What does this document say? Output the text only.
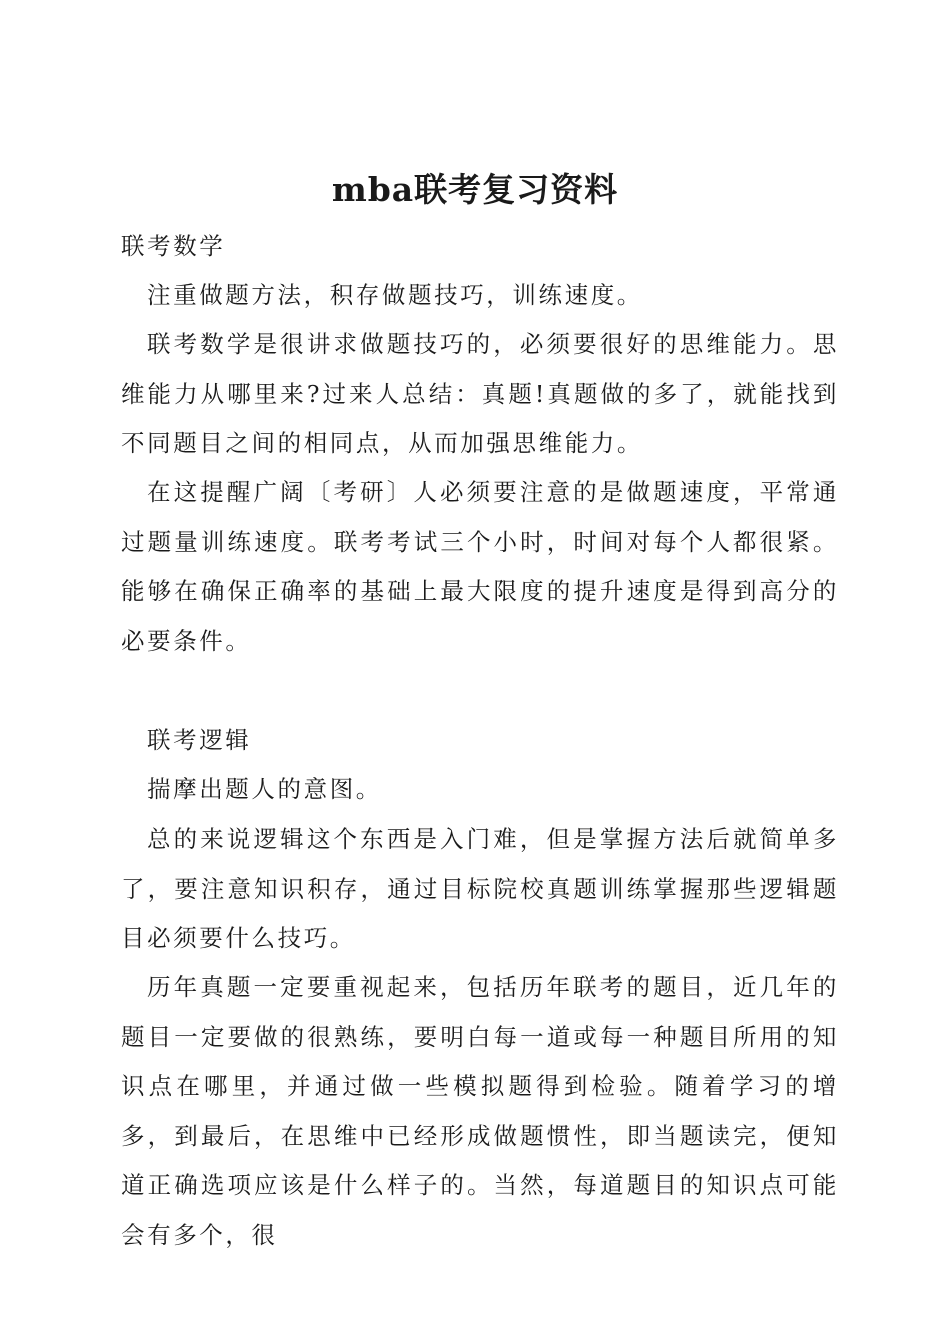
mba联考复习资料

联考数学

注重做题方法，积存做题技巧，训练速度。

联考数学是很讲求做题技巧的，必须要很好的思维能力。思维能力从哪里来?过来人总结：真题!真题做的多了，就能找到不同题目之间的相同点，从而加强思维能力。

在这提醒广阔〔考研〕人必须要注意的是做题速度，平常通过题量训练速度。联考考试三个小时，时间对每个人都很紧。能够在确保正确率的基础上最大限度的提升速度是得到高分的必要条件。

联考逻辑

揣摩出题人的意图。

总的来说逻辑这个东西是入门难，但是掌握方法后就简单多了，要注意知识积存，通过目标院校真题训练掌握那些逻辑题目必须要什么技巧。

历年真题一定要重视起来，包括历年联考的题目，近几年的题目一定要做的很熟练，要明白每一道或每一种题目所用的知识点在哪里，并通过做一些模拟题得到检验。随着学习的增多，到最后，在思维中已经形成做题惯性，即当题读完，便知道正确选项应该是什么样子的。当然，每道题目的知识点可能会有多个，很
